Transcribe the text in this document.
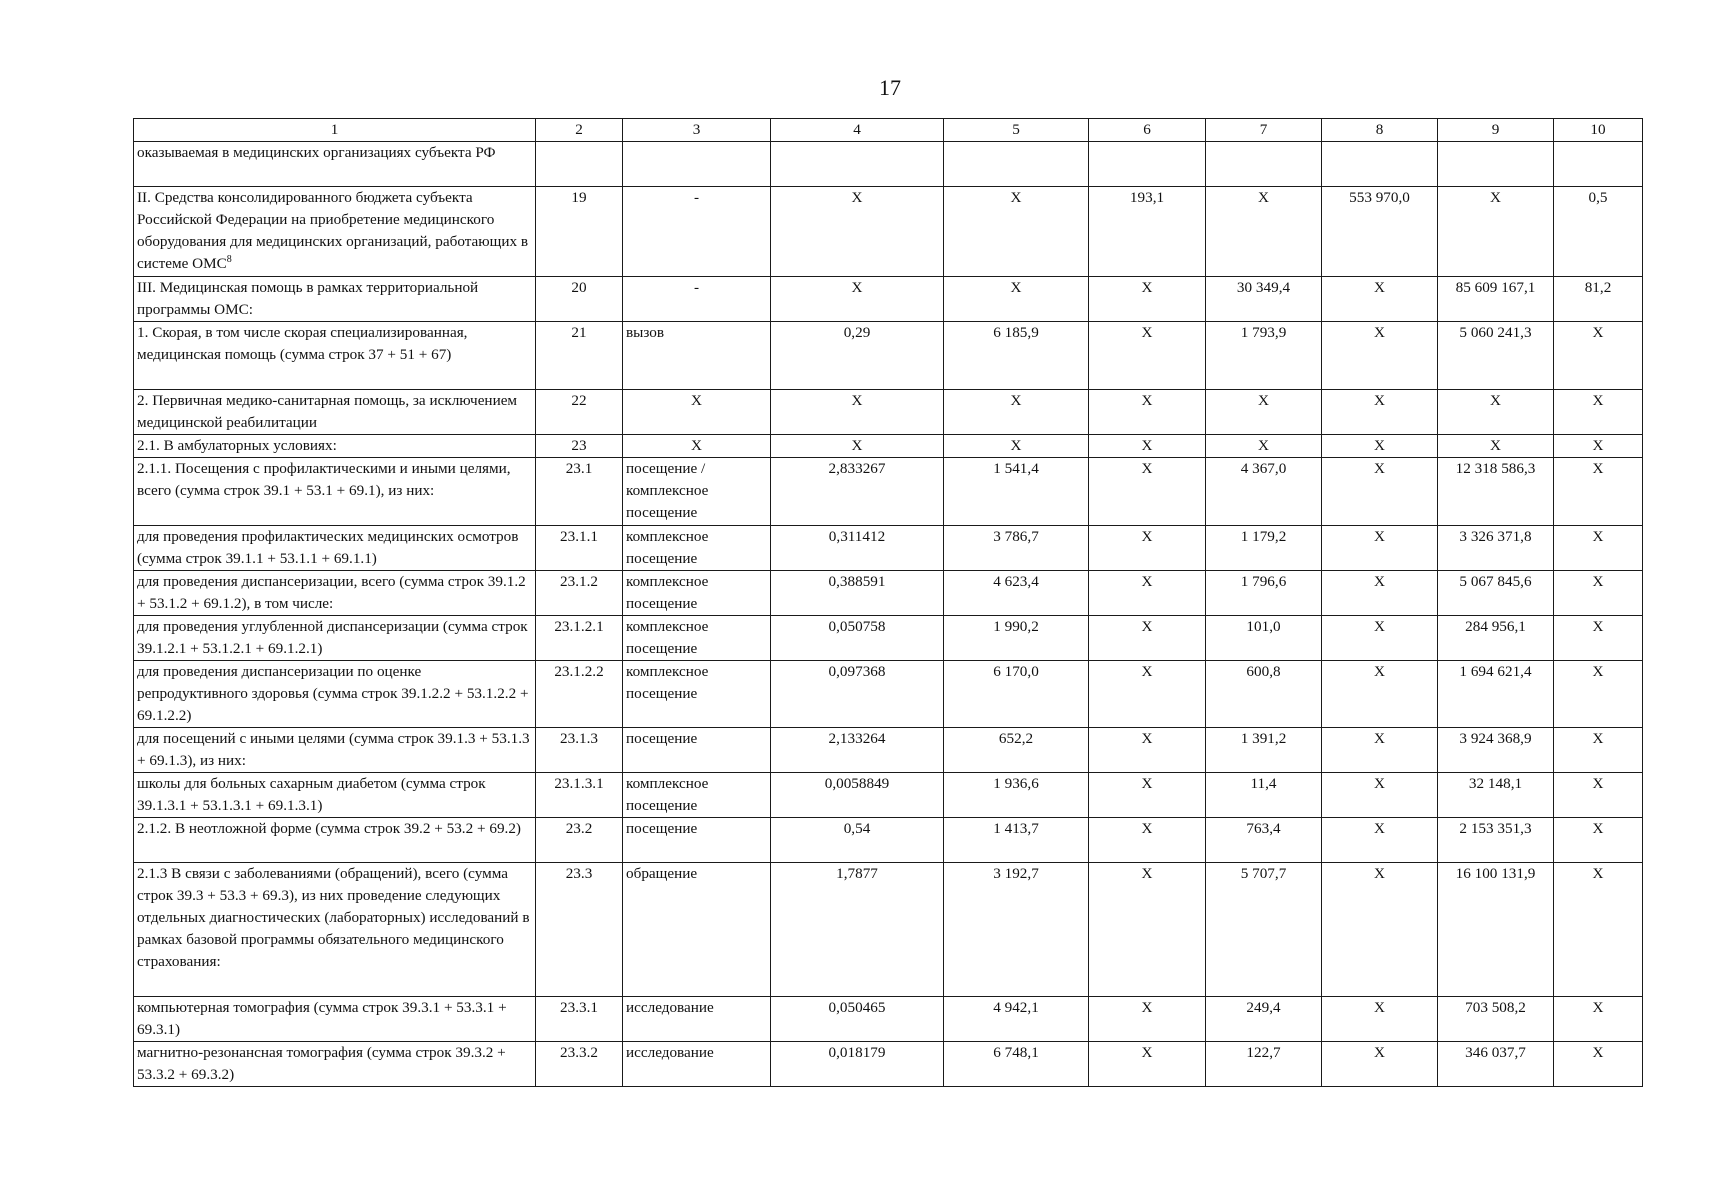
17
1	2	3	4	5	6	7	8	9	10
оказываемая в медицинских организациях субъекта РФ									
II. Средства консолидированного бюджета субъекта Российской Федерации на приобретение медицинского оборудования для медицинских организаций, работающих в системе ОМС$^8$	19	-	Х	Х	193,1	Х	553 970,0	Х	0,5
III. Медицинская помощь в рамках территориальной программы ОМС:	20	-	Х	Х	Х	30 349,4	Х	85 609 167,1	81,2
1. Скорая, в том числе скорая специализированная, медицинская помощь (сумма строк 37 + 51 + 67)	21	вызов	0,29	6 185,9	Х	1 793,9	Х	5 060 241,3	Х
2. Первичная медико-санитарная помощь, за исключением медицинской реабилитации	22	Х	Х	Х	Х	Х	Х	Х	Х
2.1. В амбулаторных условиях:	23	Х	Х	Х	Х	Х	Х	Х	Х
2.1.1. Посещения с профилактическими и иными целями, всего (сумма строк 39.1 + 53.1 + 69.1), из них:	23.1	посещение / комплексное посещение	2,833267	1 541,4	Х	4 367,0	Х	12 318 586,3	Х
для проведения профилактических медицинских осмотров (сумма строк 39.1.1 + 53.1.1 + 69.1.1)	23.1.1	комплексное посещение	0,311412	3 786,7	Х	1 179,2	Х	3 326 371,8	Х
для проведения диспансеризации, всего (сумма строк 39.1.2 + 53.1.2 + 69.1.2), в том числе:	23.1.2	комплексное посещение	0,388591	4 623,4	Х	1 796,6	Х	5 067 845,6	Х
для проведения углубленной диспансеризации (сумма строк 39.1.2.1 + 53.1.2.1 + 69.1.2.1)	23.1.2.1	комплексное посещение	0,050758	1 990,2	Х	101,0	Х	284 956,1	Х
для проведения диспансеризации по оценке репродуктивного здоровья (сумма строк 39.1.2.2 + 53.1.2.2 + 69.1.2.2)	23.1.2.2	комплексное посещение	0,097368	6 170,0	Х	600,8	Х	1 694 621,4	Х
для посещений с иными целями (сумма строк 39.1.3 + 53.1.3 + 69.1.3), из них:	23.1.3	посещение	2,133264	652,2	Х	1 391,2	Х	3 924 368,9	Х
школы для больных сахарным диабетом (сумма строк 39.1.3.1 + 53.1.3.1 + 69.1.3.1)	23.1.3.1	комплексное посещение	0,0058849	1 936,6	Х	11,4	Х	32 148,1	Х
2.1.2. В неотложной форме (сумма строк 39.2 + 53.2 + 69.2)	23.2	посещение	0,54	1 413,7	Х	763,4	Х	2 153 351,3	Х
2.1.3 В связи с заболеваниями (обращений), всего (сумма строк 39.3 + 53.3 + 69.3), из них проведение следующих отдельных диагностических (лабораторных) исследований в рамках базовой программы обязательного медицинского страхования:	23.3	обращение	1,7877	3 192,7	Х	5 707,7	Х	16 100 131,9	Х
компьютерная томография (сумма строк 39.3.1 + 53.3.1 + 69.3.1)	23.3.1	исследование	0,050465	4 942,1	Х	249,4	Х	703 508,2	Х
магнитно-резонансная томография (сумма строк 39.3.2 + 53.3.2 + 69.3.2)	23.3.2	исследование	0,018179	6 748,1	Х	122,7	Х	346 037,7	Х
